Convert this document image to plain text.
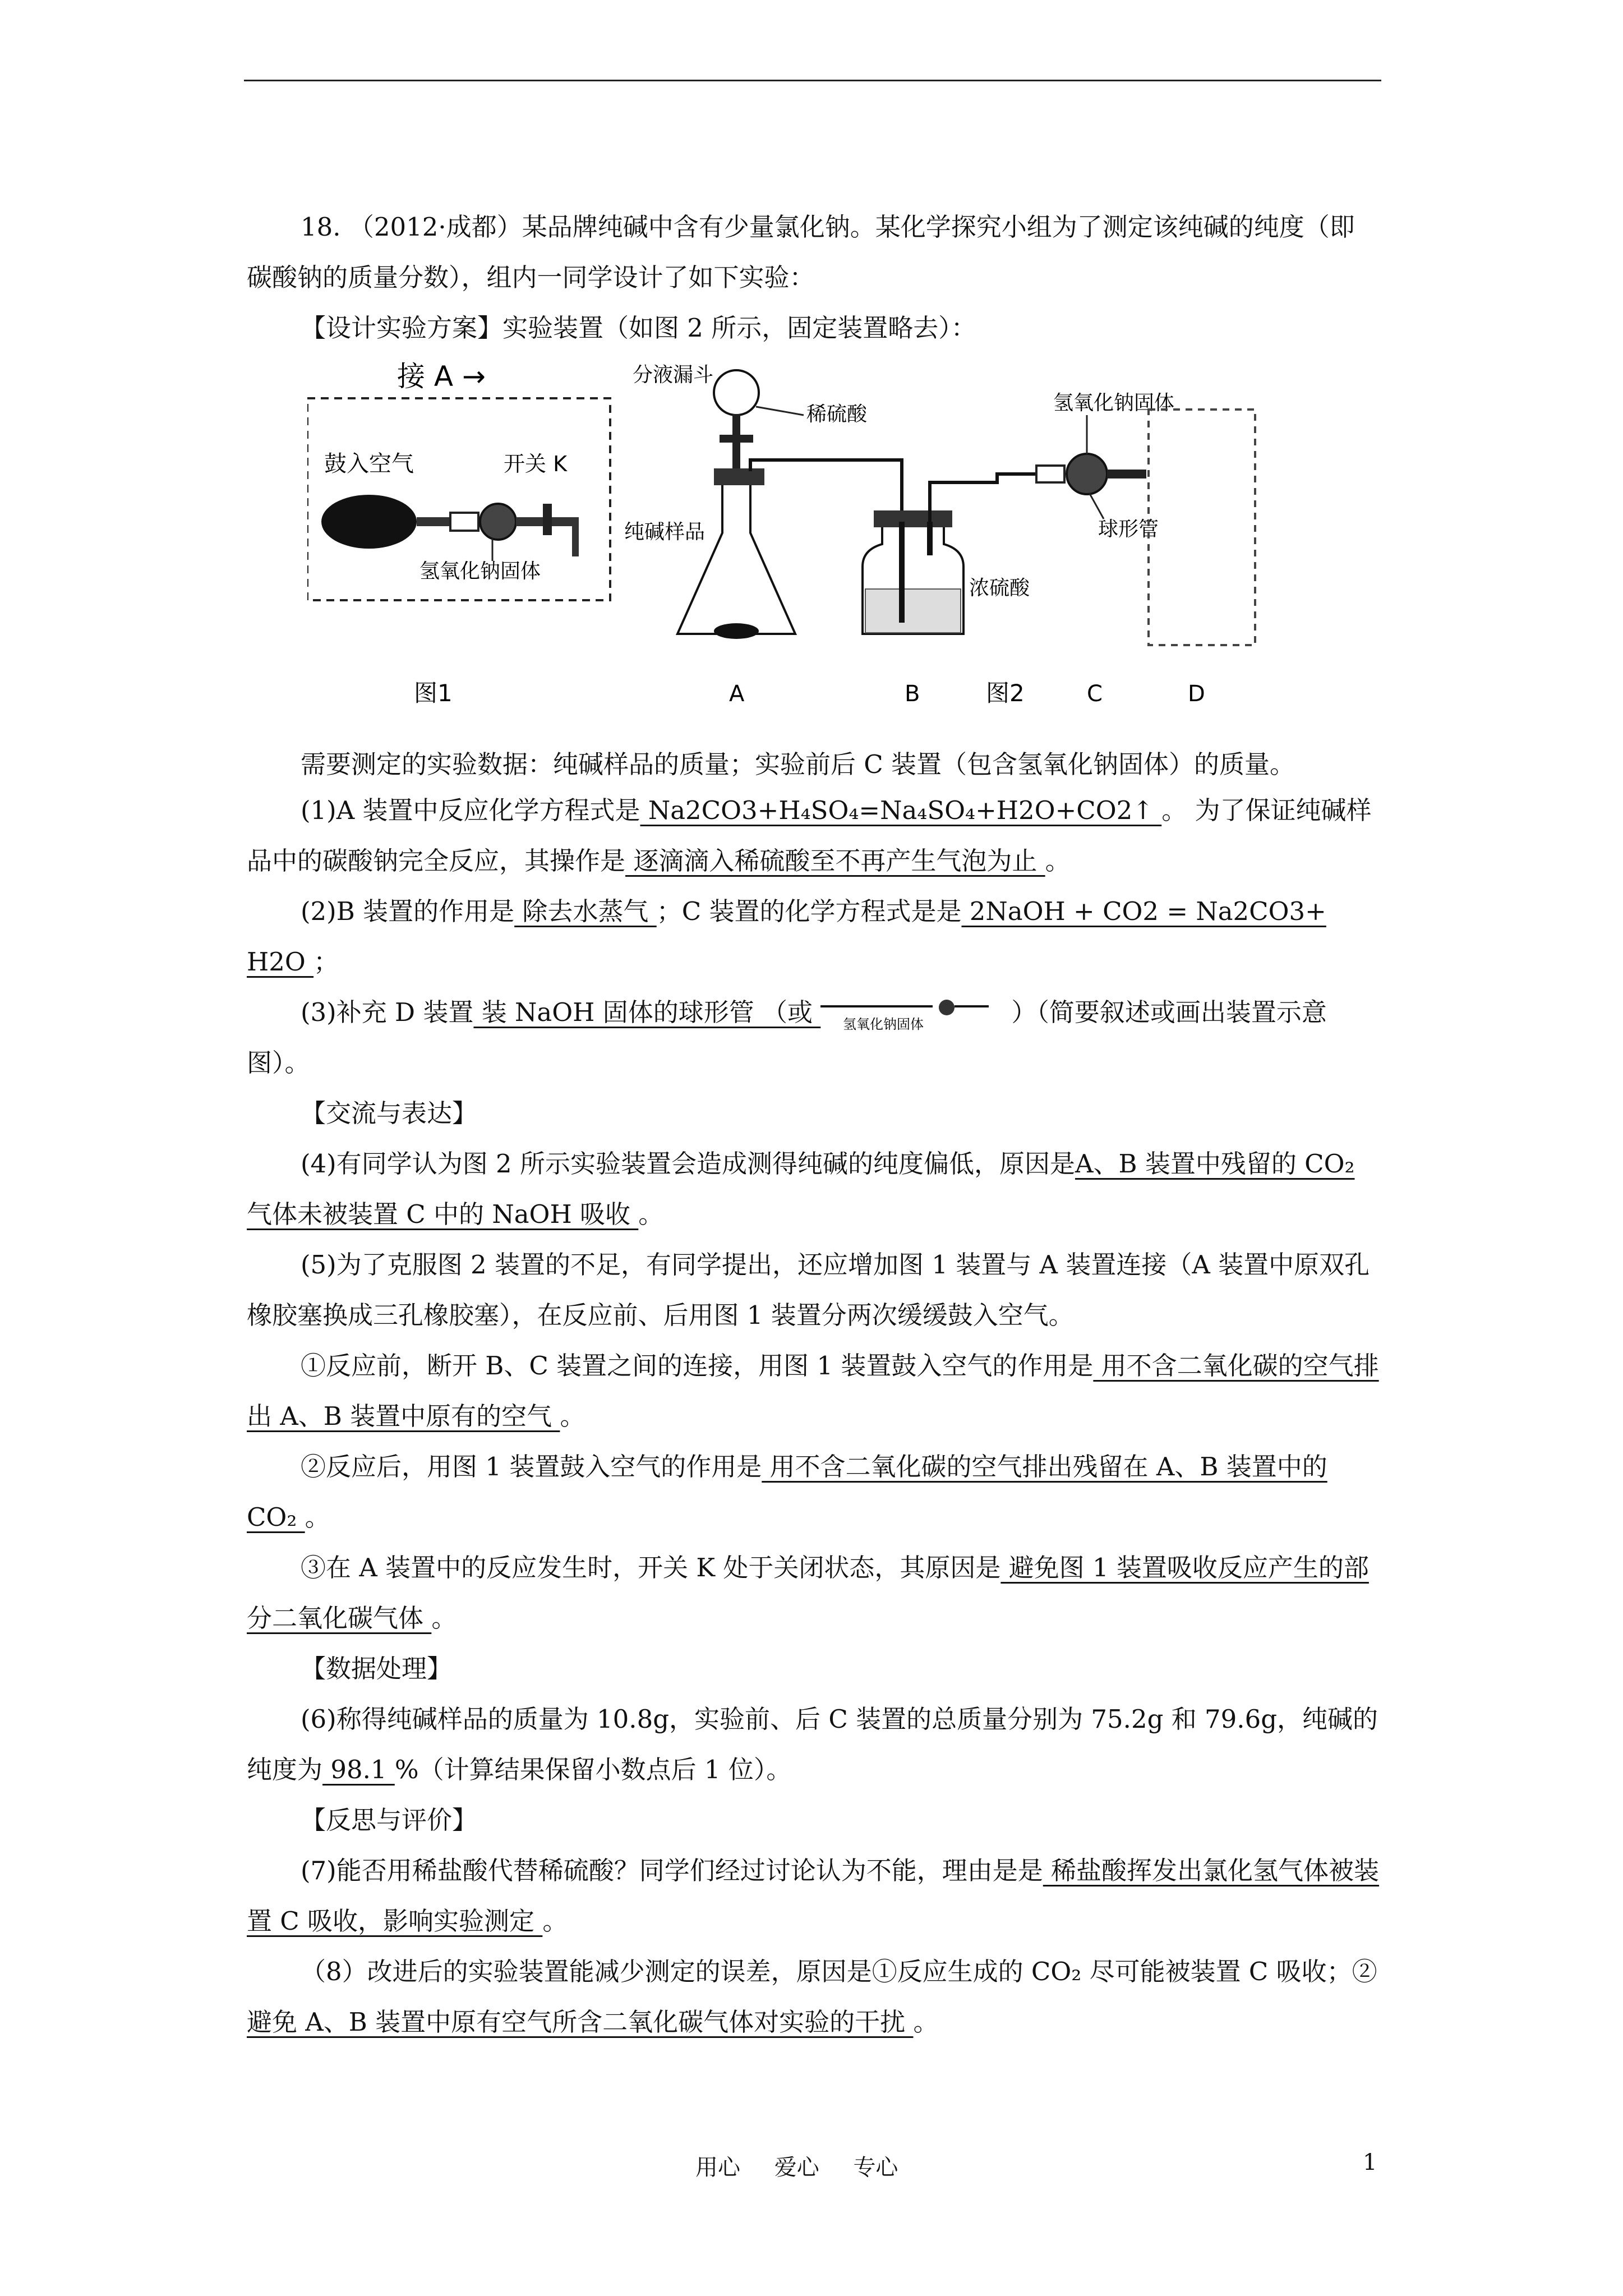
18. （2012·成都）某品牌纯碱中含有少量氯化钠。某化学探究小组为了测定该纯碱的纯度（即碳酸钠的质量分数），组内一同学设计了如下实验：
【设计实验方案】实验装置（如图 2 所示，固定装置略去）：
接 A →
鼓入空气	开关 K
氢氧化钠固体
图1
分液漏斗
稀硫酸
纯碱样品
A
浓硫酸
B	图2
氢氧化钠固体
球形管
C	D
需要测定的实验数据：纯碱样品的质量；实验前后 C 装置（包含氢氧化钠固体）的质量。
(1)A 装置中反应化学方程式是 Na2CO3+H₄SO₄=Na₄SO₄+H2O+CO2↑ 。 为了保证纯碱样品中的碳酸钠完全反应，其操作是 逐滴滴入稀硫酸至不再产生气泡为止 。
(2)B 装置的作用是 除去水蒸气 ；C 装置的化学方程式是是 2NaOH + CO2 = Na2CO3+ H2O ；
(3)补充 D 装置 装 NaOH 固体的球形管 （或 氢氧化钠固体	）（简要叙述或画出装置示意图）。
【交流与表达】
(4)有同学认为图 2 所示实验装置会造成测得纯碱的纯度偏低，原因是A、B 装置中残留的 CO₂ 气体未被装置 C 中的 NaOH 吸收 。
(5)为了克服图 2 装置的不足，有同学提出，还应增加图 1 装置与 A 装置连接（A 装置中原双孔橡胶塞换成三孔橡胶塞），在反应前、后用图 1 装置分两次缓缓鼓入空气。
①反应前，断开 B、C 装置之间的连接，用图 1 装置鼓入空气的作用是 用不含二氧化碳的空气排出 A、B 装置中原有的空气 。
②反应后，用图 1 装置鼓入空气的作用是 用不含二氧化碳的空气排出残留在 A、B 装置中的 CO₂ 。
③在 A 装置中的反应发生时，开关 K 处于关闭状态，其原因是 避免图 1 装置吸收反应产生的部分二氧化碳气体 。
【数据处理】
(6)称得纯碱样品的质量为 10.8g，实验前、后 C 装置的总质量分别为 75.2g 和 79.6g，纯碱的纯度为 98.1 %（计算结果保留小数点后 1 位）。
【反思与评价】
(7)能否用稀盐酸代替稀硫酸？同学们经过讨论认为不能，理由是是 稀盐酸挥发出氯化氢气体被装置 C 吸收，影响实验测定 。
（8）改进后的实验装置能减少测定的误差，原因是①反应生成的 CO₂ 尽可能被装置 C 吸收；② 避免 A、B 装置中原有空气所含二氧化碳气体对实验的干扰 。
用心 爱心 专心	1
